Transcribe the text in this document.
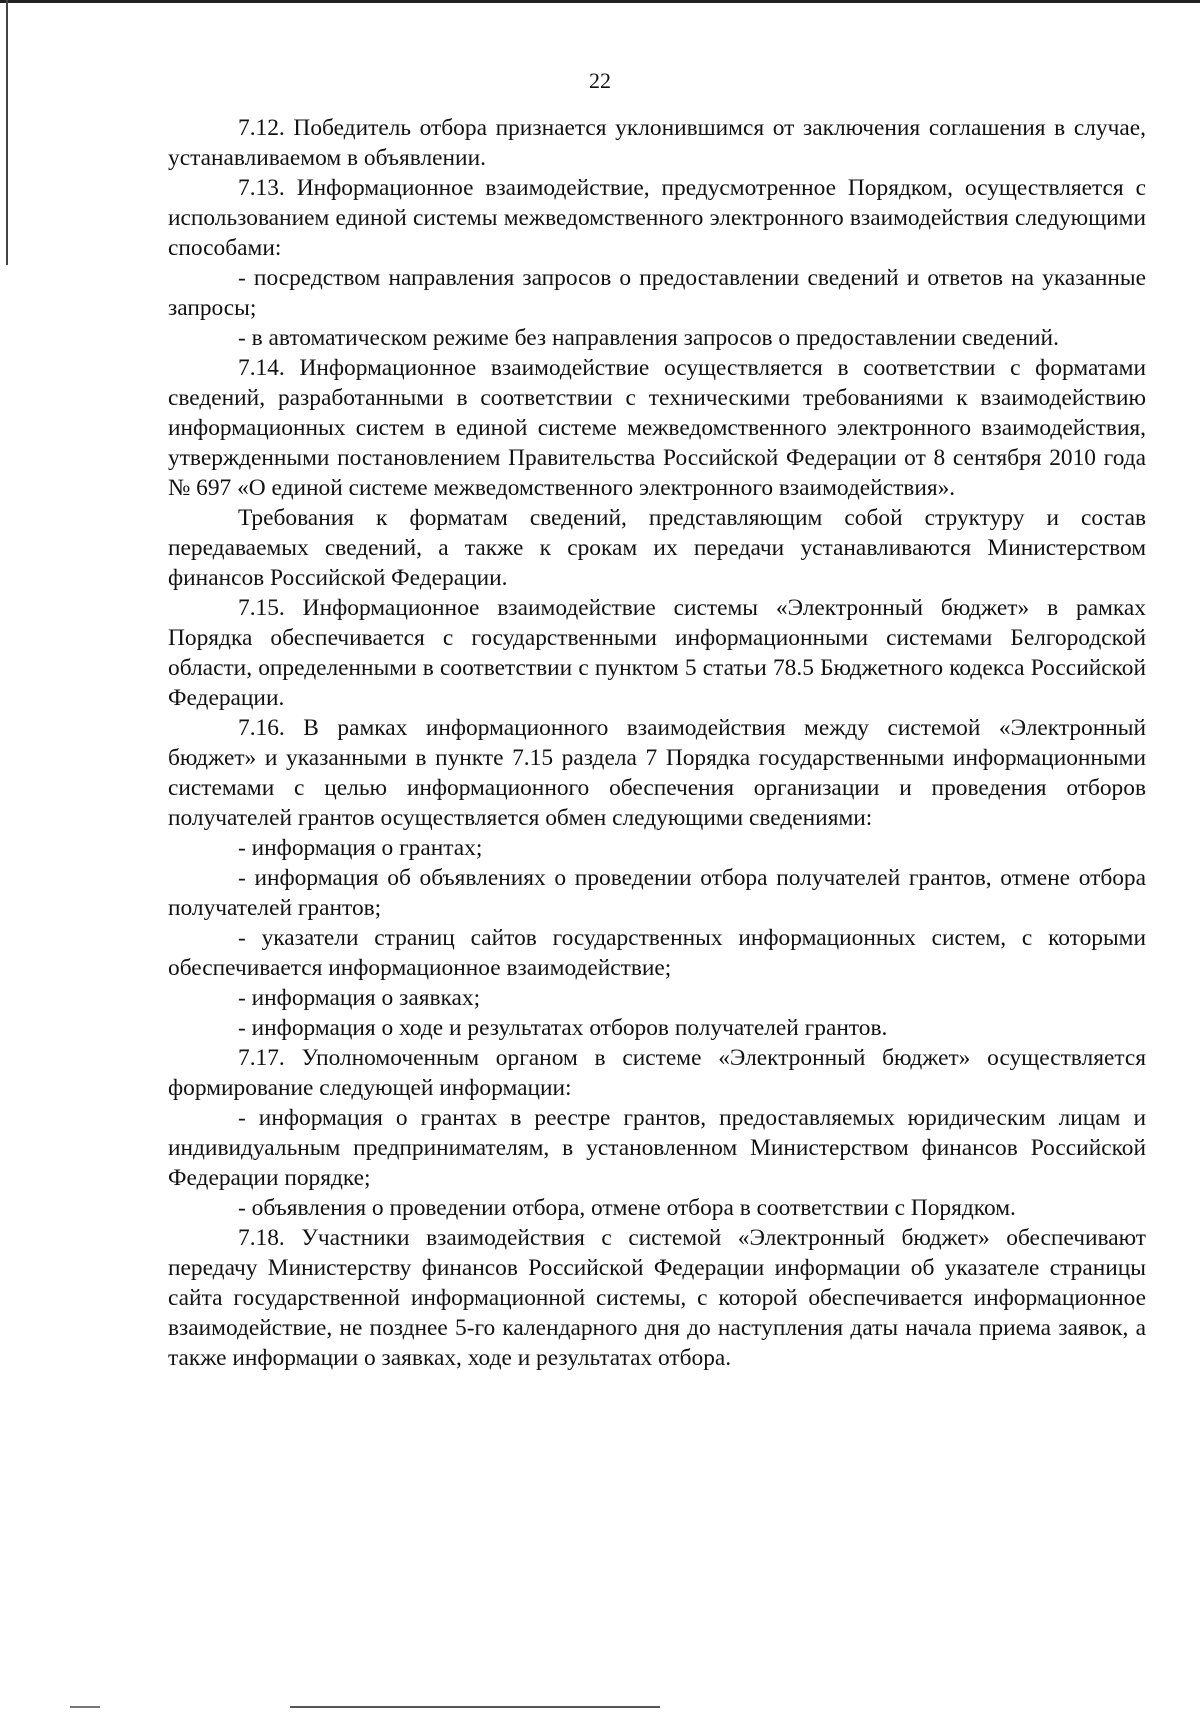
22

7.12. Победитель отбора признается уклонившимся от заключения соглашения в случае, устанавливаемом в объявлении.

7.13. Информационное взаимодействие, предусмотренное Порядком, осуществляется с использованием единой системы межведомственного электронного взаимодействия следующими способами:

- посредством направления запросов о предоставлении сведений и ответов на указанные запросы;

- в автоматическом режиме без направления запросов о предоставлении сведений.

7.14. Информационное взаимодействие осуществляется в соответствии с форматами сведений, разработанными в соответствии с техническими требованиями к взаимодействию информационных систем в единой системе межведомственного электронного взаимодействия, утвержденными постановлением Правительства Российской Федерации от 8 сентября 2010 года № 697 «О единой системе межведомственного электронного взаимодействия».

Требования к форматам сведений, представляющим собой структуру и состав передаваемых сведений, а также к срокам их передачи устанавливаются Министерством финансов Российской Федерации.

7.15. Информационное взаимодействие системы «Электронный бюджет» в рамках Порядка обеспечивается с государственными информационными системами Белгородской области, определенными в соответствии с пунктом 5 статьи 78.5 Бюджетного кодекса Российской Федерации.

7.16. В рамках информационного взаимодействия между системой «Электронный бюджет» и указанными в пункте 7.15 раздела 7 Порядка государственными информационными системами с целью информационного обеспечения организации и проведения отборов получателей грантов осуществляется обмен следующими сведениями:

- информация о грантах;

- информация об объявлениях о проведении отбора получателей грантов, отмене отбора получателей грантов;

- указатели страниц сайтов государственных информационных систем, с которыми обеспечивается информационное взаимодействие;

- информация о заявках;

- информация о ходе и результатах отборов получателей грантов.

7.17. Уполномоченным органом в системе «Электронный бюджет» осуществляется формирование следующей информации:

- информация о грантах в реестре грантов, предоставляемых юридическим лицам и индивидуальным предпринимателям, в установленном Министерством финансов Российской Федерации порядке;

- объявления о проведении отбора, отмене отбора в соответствии с Порядком.

7.18. Участники взаимодействия с системой «Электронный бюджет» обеспечивают передачу Министерству финансов Российской Федерации информации об указателе страницы сайта государственной информационной системы, с которой обеспечивается информационное взаимодействие, не позднее 5-го календарного дня до наступления даты начала приема заявок, а также информации о заявках, ходе и результатах отбора.
